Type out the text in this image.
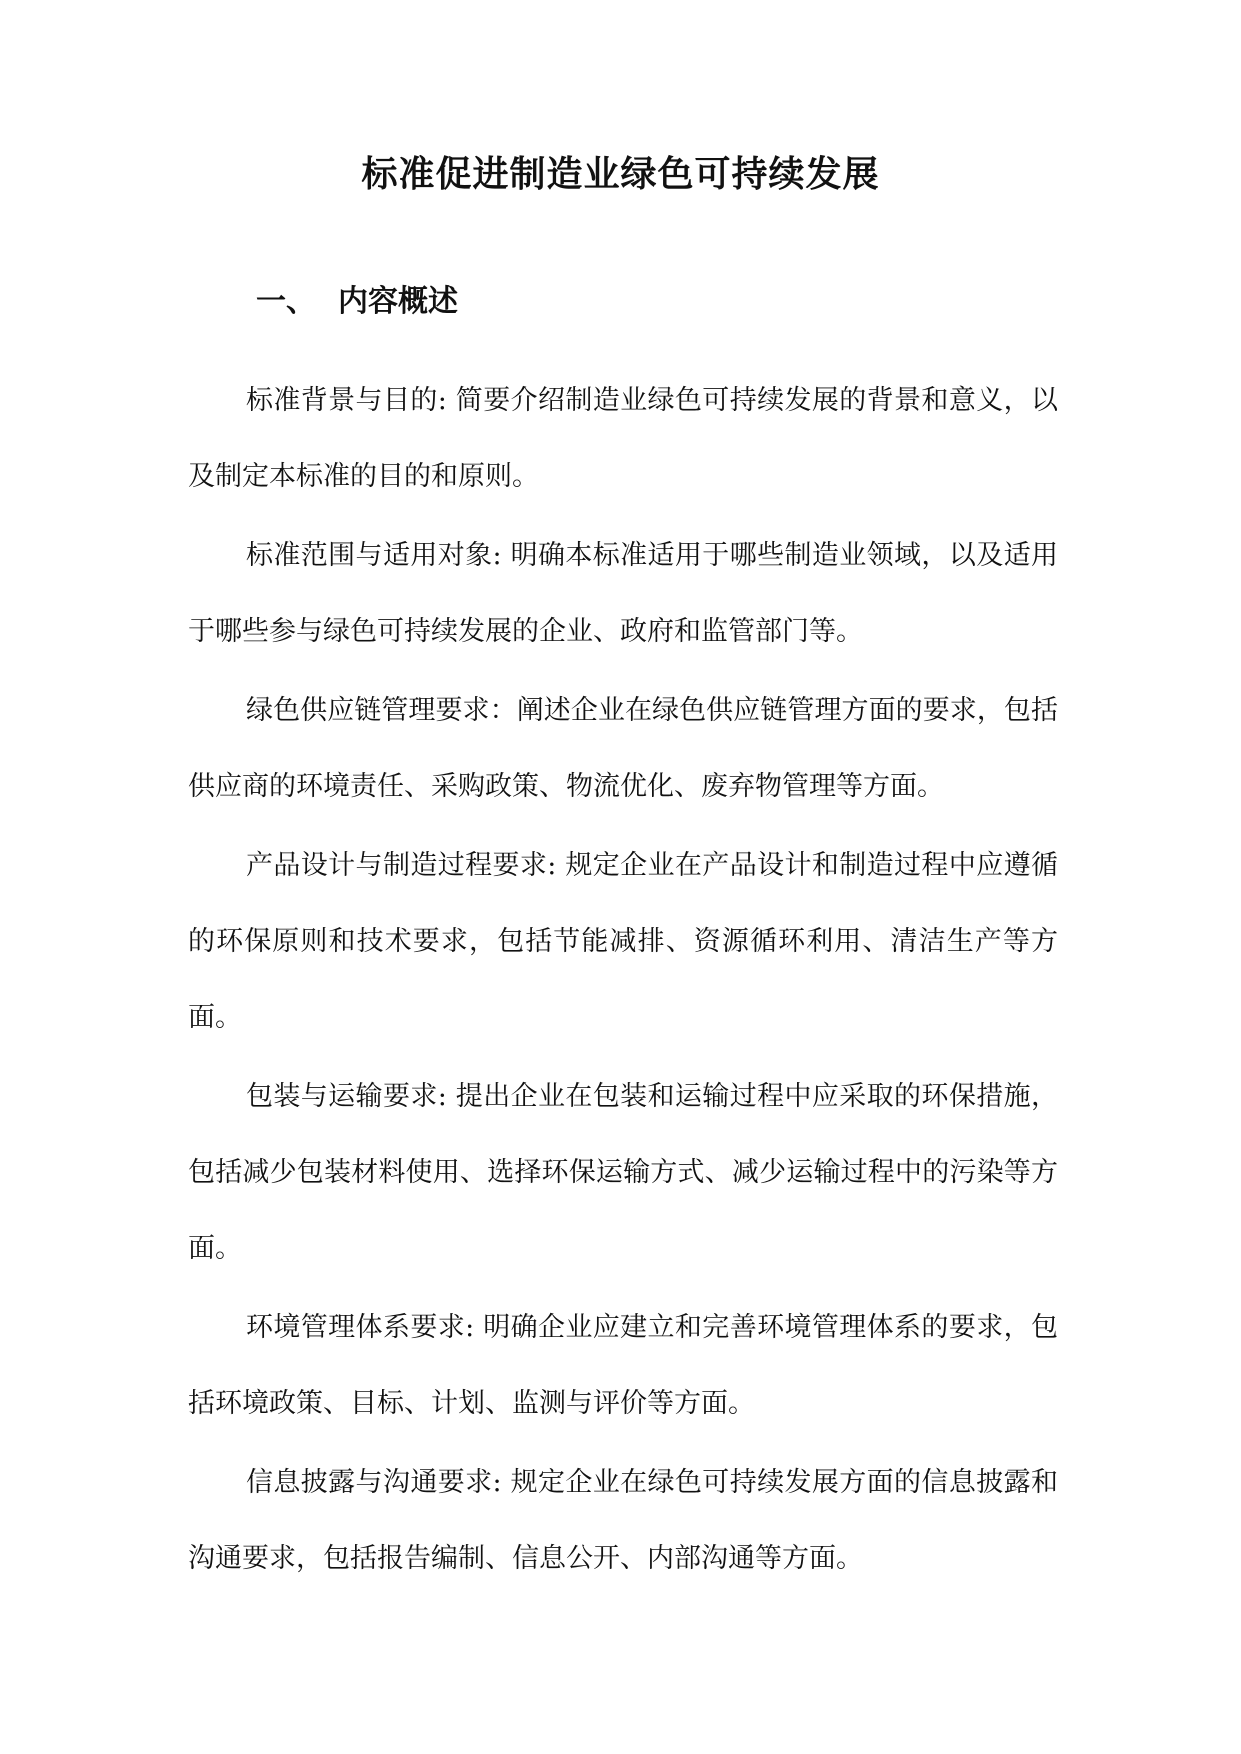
标准促进制造业绿色可持续发展
一、 内容概述

标准背景与目的: 简要介绍制造业绿色可持续发展的背景和意义，以及制定本标准的目的和原则。

标准范围与适用对象: 明确本标准适用于哪些制造业领域，以及适用于哪些参与绿色可持续发展的企业、政府和监管部门等。

绿色供应链管理要求：阐述企业在绿色供应链管理方面的要求，包括供应商的环境责任、采购政策、物流优化、废弃物管理等方面。

产品设计与制造过程要求: 规定企业在产品设计和制造过程中应遵循的环保原则和技术要求，包括节能减排、资源循环利用、清洁生产等方面。

包装与运输要求: 提出企业在包装和运输过程中应采取的环保措施，包括减少包装材料使用、选择环保运输方式、减少运输过程中的污染等方面。

环境管理体系要求: 明确企业应建立和完善环境管理体系的要求，包括环境政策、目标、计划、监测与评价等方面。

信息披露与沟通要求: 规定企业在绿色可持续发展方面的信息披露和沟通要求，包括报告编制、信息公开、内部沟通等方面。
